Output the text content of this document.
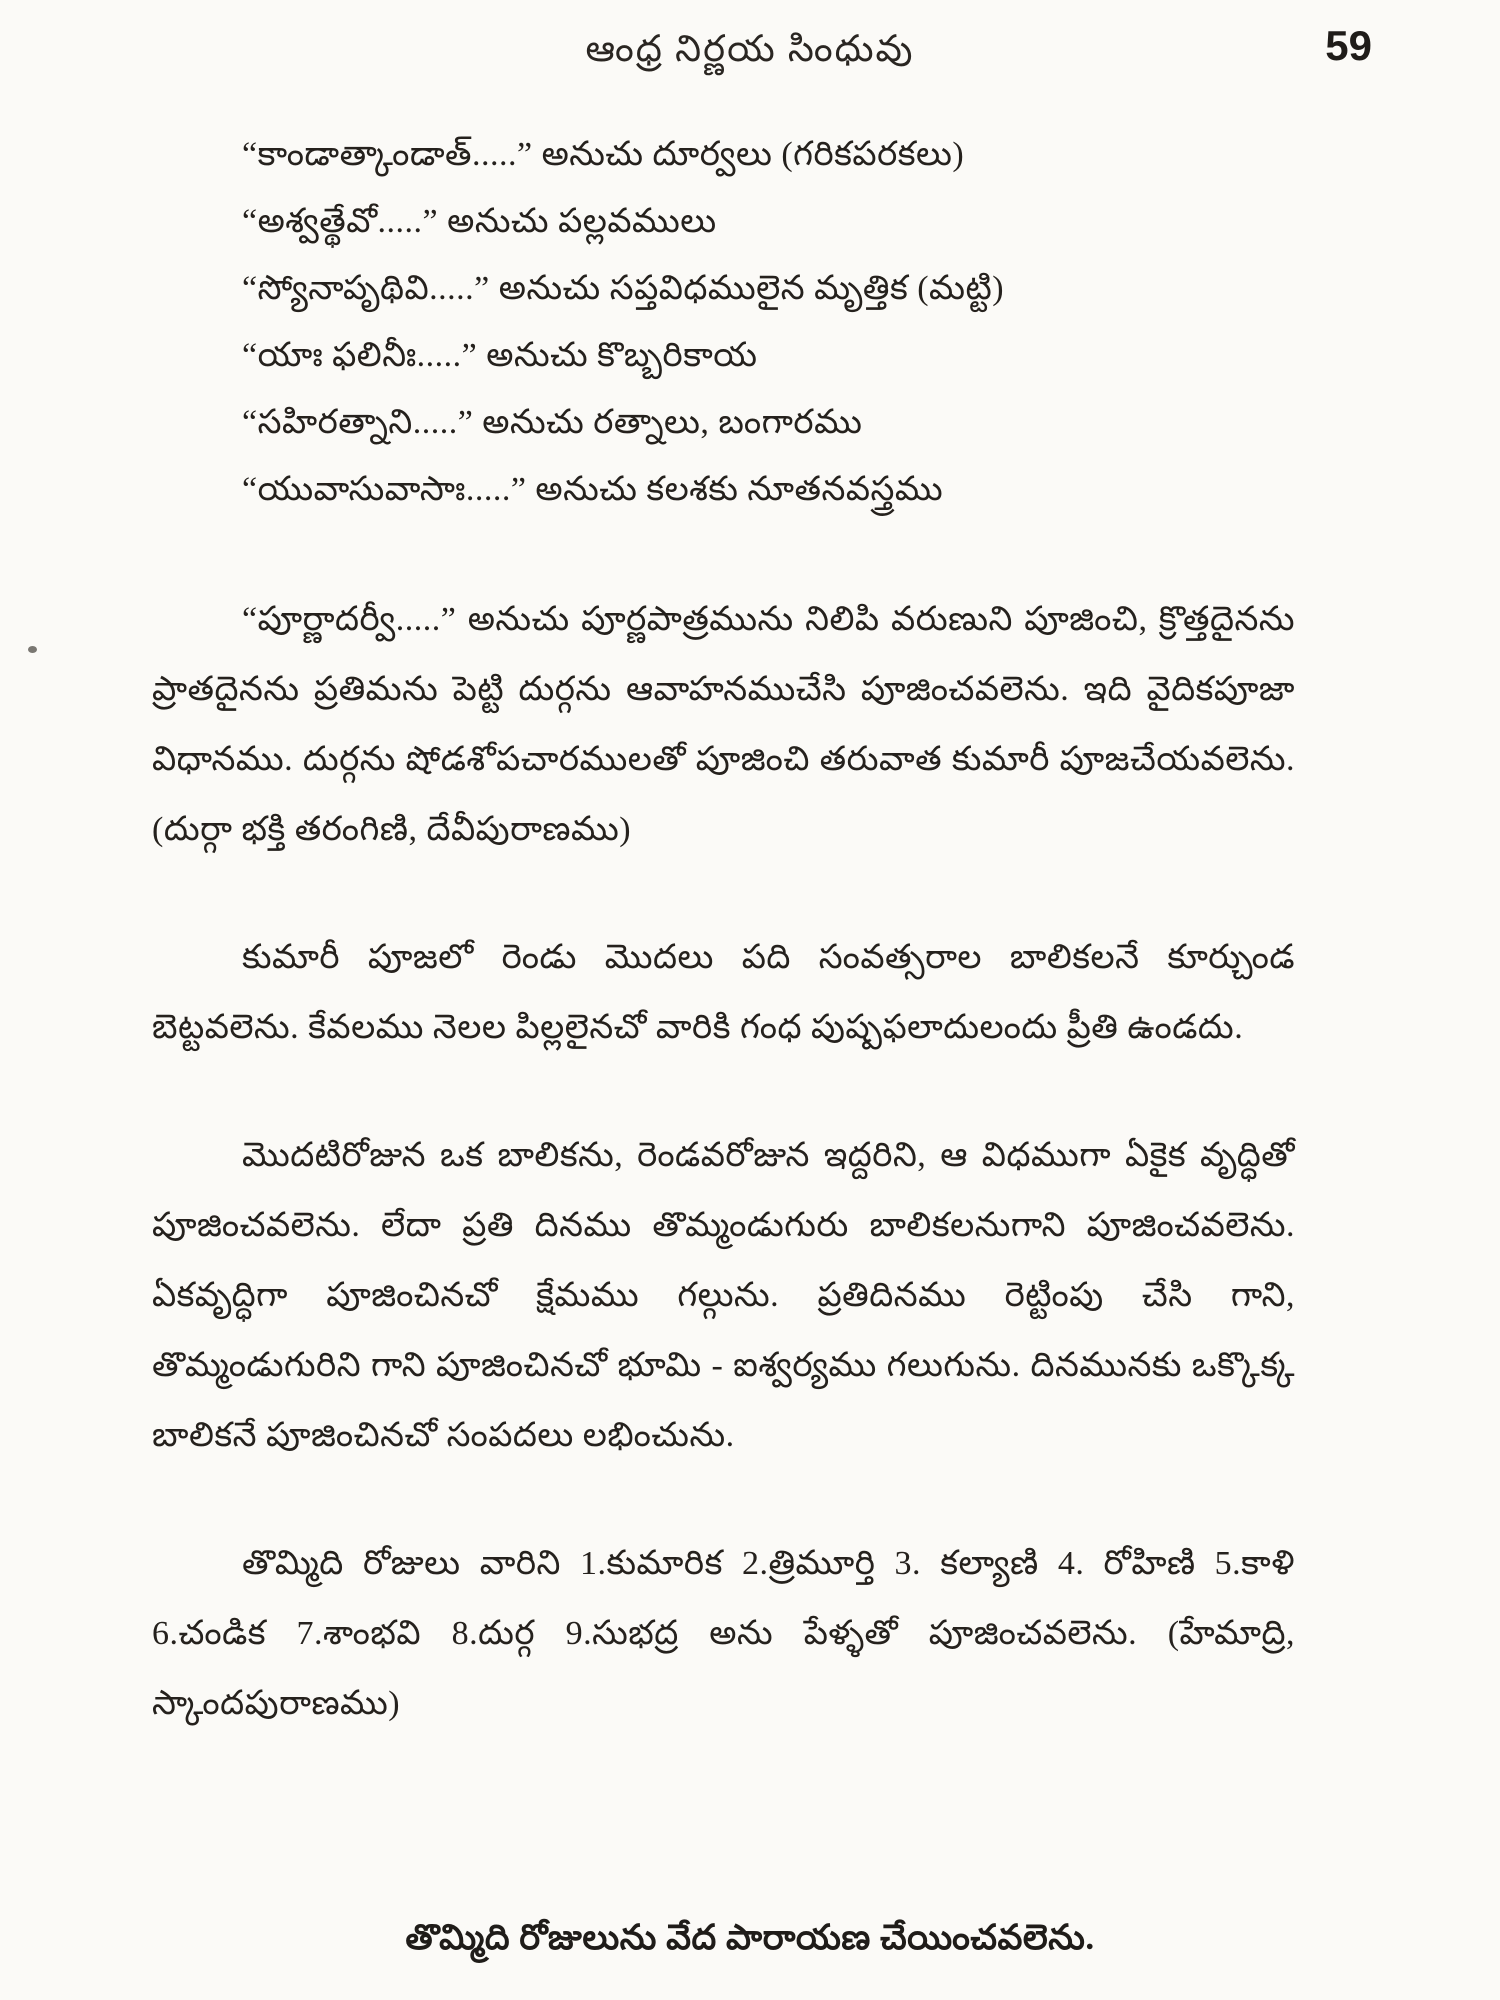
ఆంధ్ర నిర్ణయ సింధువు	59
“కాండాత్కాండాత్.....” అనుచు దూర్వలు (గరికపరకలు)
“అశ్వత్థేవో.....” అనుచు పల్లవములు
“స్యోనాపృథివి.....” అనుచు సప్తవిధములైన మృత్తిక (మట్టి)
“యాః ఫలినీః.....” అనుచు కొబ్బరికాయ
“సహిరత్నాని.....” అనుచు రత్నాలు, బంగారము
“యువాసువాసాః.....” అనుచు కలశకు నూతనవస్త్రము

“పూర్ణాదర్వీ.....” అనుచు పూర్ణపాత్రమును నిలిపి వరుణుని పూజించి, క్రొత్తదైనను ప్రాతదైనను ప్రతిమను పెట్టి దుర్గను ఆవాహనముచేసి పూజించవలెను. ఇది వైదికపూజా విధానము. దుర్గను షోడశోపచారములతో పూజించి తరువాత కుమారీ పూజచేయవలెను. (దుర్గా భక్తి తరంగిణి, దేవీపురాణము)

కుమారీ పూజలో రెండు మొదలు పది సంవత్సరాల బాలికలనే కూర్చుండ బెట్టవలెను. కేవలము నెలల పిల్లలైనచో వారికి గంధ పుష్పఫలాదులందు ప్రీతి ఉండదు.

మొదటిరోజున ఒక బాలికను, రెండవరోజున ఇద్దరిని, ఆ విధముగా ఏకైక వృద్ధితో పూజించవలెను. లేదా ప్రతి దినము తొమ్మండుగురు బాలికలనుగాని పూజించవలెను. ఏకవృద్ధిగా పూజించినచో క్షేమము గల్గును. ప్రతిదినము రెట్టింపు చేసి గాని, తొమ్మండుగురిని గాని పూజించినచో భూమి - ఐశ్వర్యము గలుగును. దినమునకు ఒక్కొక్క బాలికనే పూజించినచో సంపదలు లభించును.

తొమ్మిది రోజులు వారిని 1.కుమారిక 2.త్రిమూర్తి 3. కల్యాణి 4. రోహిణి 5.కాళి 6.చండిక 7.శాంభవి 8.దుర్గ 9.సుభద్ర అను పేళ్ళతో పూజించవలెను. (హేమాద్రి, స్కాందపురాణము)

తొమ్మిది రోజులును వేద పారాయణ చేయించవలెను.
